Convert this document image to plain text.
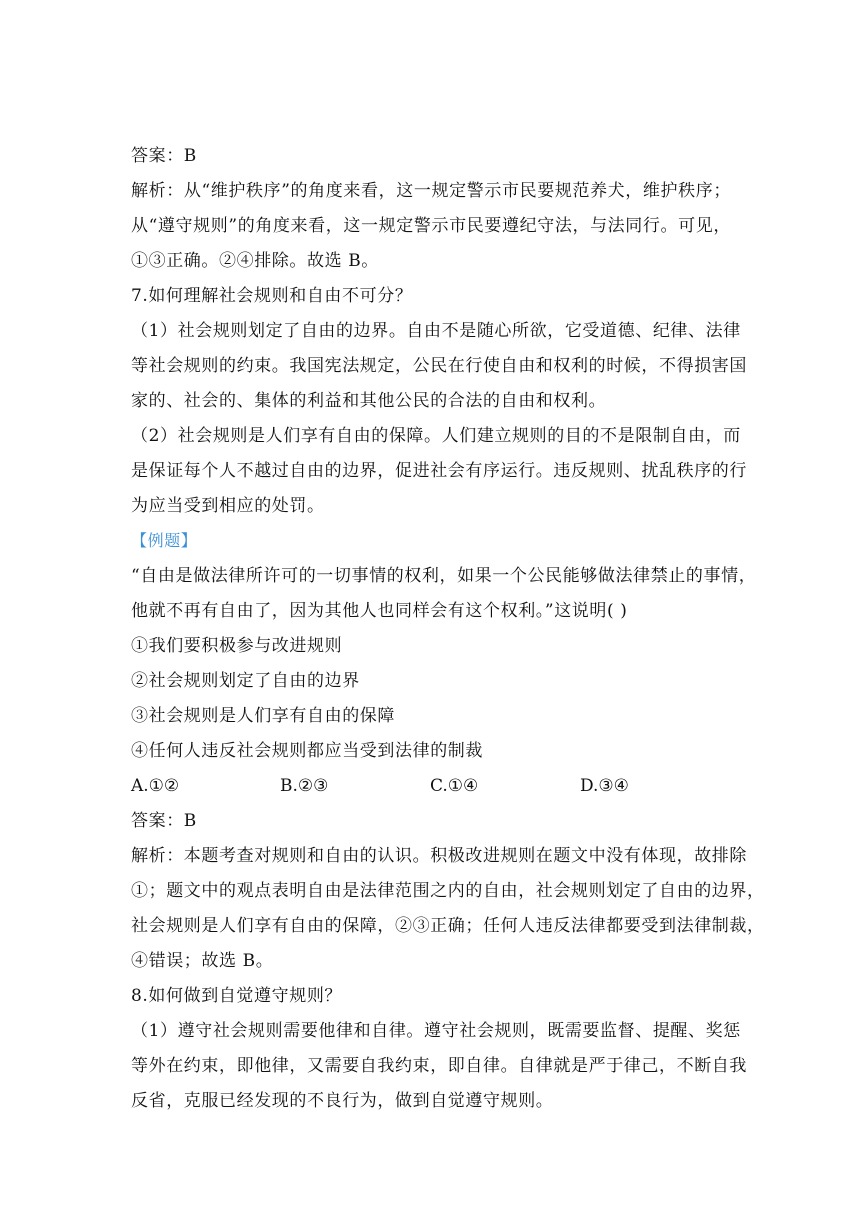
答案：B
解析：从“维护秩序”的角度来看，这一规定警示市民要规范养犬，维护秩序；
从“遵守规则”的角度来看，这一规定警示市民要遵纪守法，与法同行。可见，
①③正确。②④排除。故选 B。
7.如何理解社会规则和自由不可分？
（1）社会规则划定了自由的边界。自由不是随心所欲，它受道德、纪律、法律
等社会规则的约束。我国宪法规定，公民在行使自由和权利的时候，不得损害国
家的、社会的、集体的利益和其他公民的合法的自由和权利。
（2）社会规则是人们享有自由的保障。人们建立规则的目的不是限制自由，而
是保证每个人不越过自由的边界，促进社会有序运行。违反规则、扰乱秩序的行
为应当受到相应的处罚。
【例题】
“自由是做法律所许可的一切事情的权利，如果一个公民能够做法律禁止的事情，
他就不再有自由了，因为其他人也同样会有这个权利。”这说明( )
①我们要积极参与改进规则
②社会规则划定了自由的边界
③社会规则是人们享有自由的保障
④任何人违反社会规则都应当受到法律的制裁
A.①②	B.②③	C.①④	D.③④
答案：B
解析：本题考查对规则和自由的认识。积极改进规则在题文中没有体现，故排除
①；题文中的观点表明自由是法律范围之内的自由，社会规则划定了自由的边界，
社会规则是人们享有自由的保障，②③正确；任何人违反法律都要受到法律制裁，
④错误；故选 B。
8.如何做到自觉遵守规则？
（1）遵守社会规则需要他律和自律。遵守社会规则，既需要监督、提醒、奖惩
等外在约束，即他律，又需要自我约束，即自律。自律就是严于律己，不断自我
反省，克服已经发现的不良行为，做到自觉遵守规则。
